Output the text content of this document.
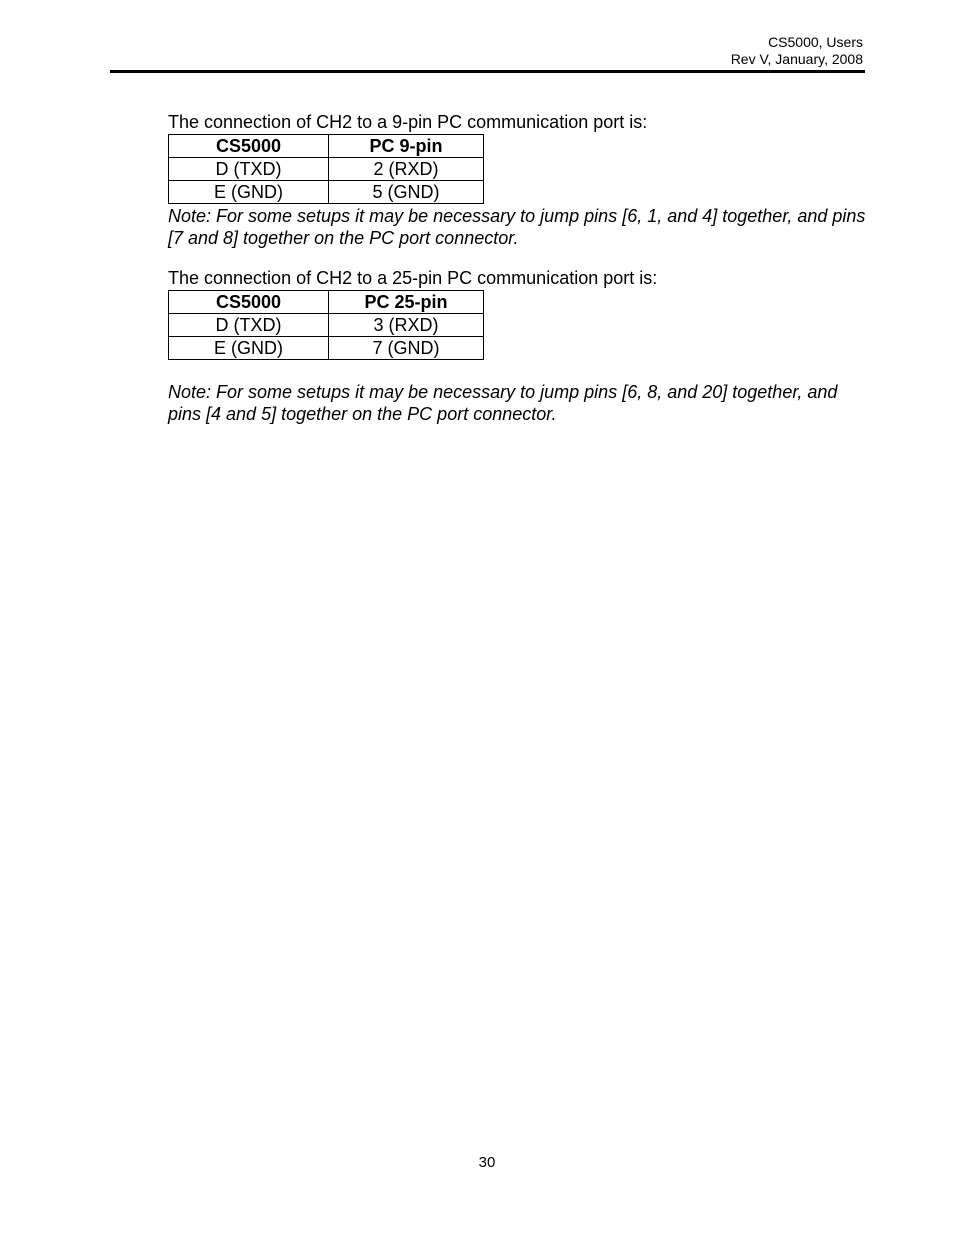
CS5000, Users
Rev V, January, 2008

The connection of CH2 to a 9-pin PC communication port is:

CS5000	PC 9-pin
D (TXD)	2 (RXD)
E (GND)	5 (GND)

Note: For some setups it may be necessary to jump pins [6, 1, and 4] together, and pins [7 and 8] together on the PC port connector.

The connection of CH2 to a 25-pin PC communication port is:

CS5000	PC 25-pin
D (TXD)	3 (RXD)
E (GND)	7 (GND)

Note: For some setups it may be necessary to jump pins [6, 8, and 20] together, and pins [4 and 5] together on the PC port connector.

30
